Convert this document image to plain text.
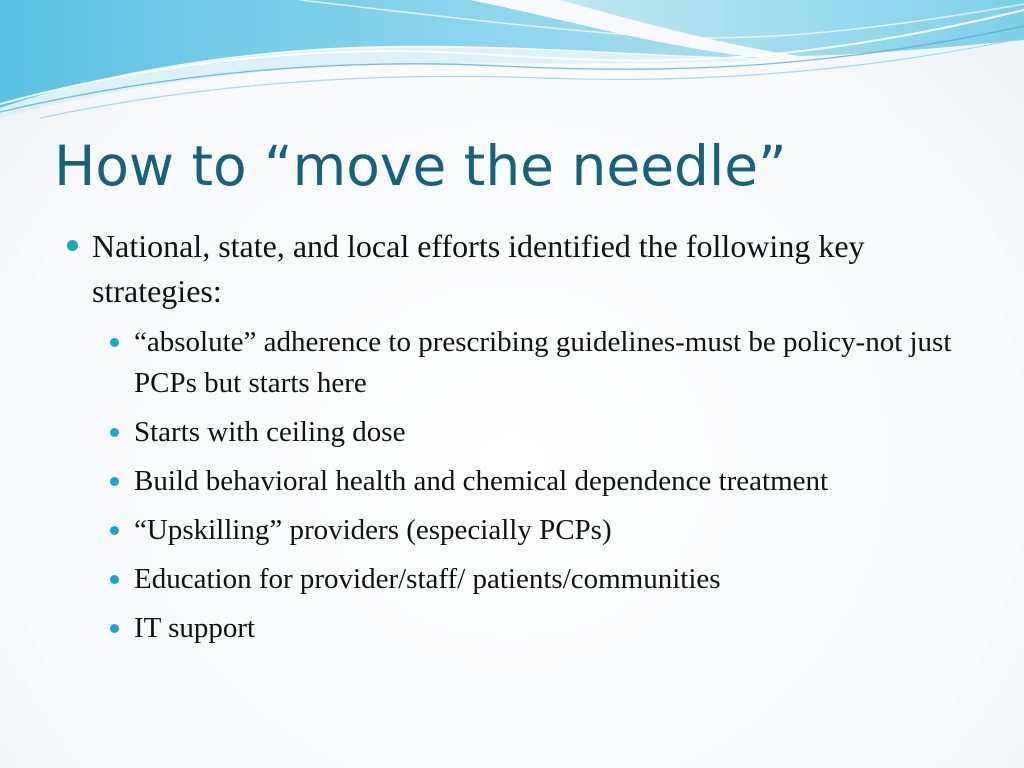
How to “move the needle”
National, state, and local efforts identified the following key strategies:
“absolute” adherence to prescribing guidelines-must be policy-not just PCPs but starts here
Starts with ceiling dose
Build behavioral health and chemical dependence treatment
“Upskilling” providers (especially PCPs)
Education for provider/staff/ patients/communities
IT support
